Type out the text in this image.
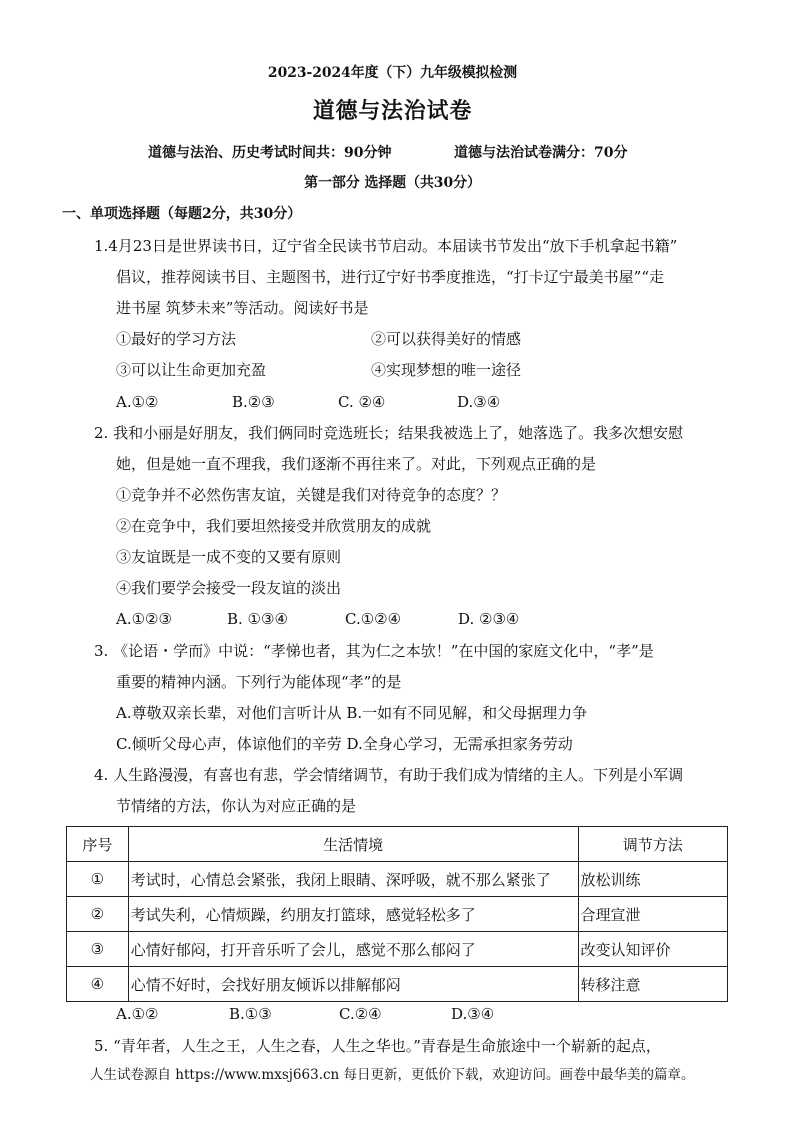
2023-2024年度（下）九年级模拟检测
道德与法治试卷
道德与法治、历史考试时间共：90分钟	道德与法治试卷满分：70分
第一部分 选择题（共30分）
一、单项选择题（每题2分，共30分）
1.4月23日是世界读书日，辽宁省全民读书节启动。本届读书节发出“放下手机拿起书籍”
倡议，推荐阅读书目、主题图书，进行辽宁好书季度推选，“打卡辽宁最美书屋”“走
进书屋 筑梦未来”等活动。阅读好书是
①最好的学习方法	②可以获得美好的情感
③可以让生命更加充盈	④实现梦想的唯一途径
A.①②	B.②③	C. ②④	D.③④
2. 我和小丽是好朋友，我们俩同时竞选班长；结果我被选上了，她落选了。我多次想安慰
她，但是她一直不理我，我们逐渐不再往来了。对此，下列观点正确的是
①竞争并不必然伤害友谊，关键是我们对待竞争的态度？？
②在竞争中，我们要坦然接受并欣赏朋友的成就
③友谊既是一成不变的又要有原则
④我们要学会接受一段友谊的淡出
A.①②③	B. ①③④	C.①②④	D. ②③④
3. 《论语・学而》中说：“孝悌也者，其为仁之本欤！”在中国的家庭文化中，“孝”是
重要的精神内涵。下列行为能体现“孝”的是
A.尊敬双亲长辈，对他们言听计从 B.一如有不同见解，和父母据理力争
C.倾听父母心声，体谅他们的辛劳 D.全身心学习，无需承担家务劳动
4. 人生路漫漫，有喜也有悲，学会情绪调节，有助于我们成为情绪的主人。下列是小军调
节情绪的方法，你认为对应正确的是
序号	生活情境	调节方法
①	考试时，心情总会紧张，我闭上眼睛、深呼吸，就不那么紧张了	放松训练
②	考试失利，心情烦躁，约朋友打篮球，感觉轻松多了	合理宣泄
③	心情好郁闷，打开音乐听了会儿，感觉不那么郁闷了	改变认知评价
④	心情不好时，会找好朋友倾诉以排解郁闷	转移注意
A.①②	B.①③	C.②④	D.③④
5. “青年者，人生之王，人生之春，人生之华也。”青春是生命旅途中一个崭新的起点，
人生试卷源自 https://www.mxsj663.cn 每日更新，更低价下载，欢迎访问。画卷中最华美的篇章。
